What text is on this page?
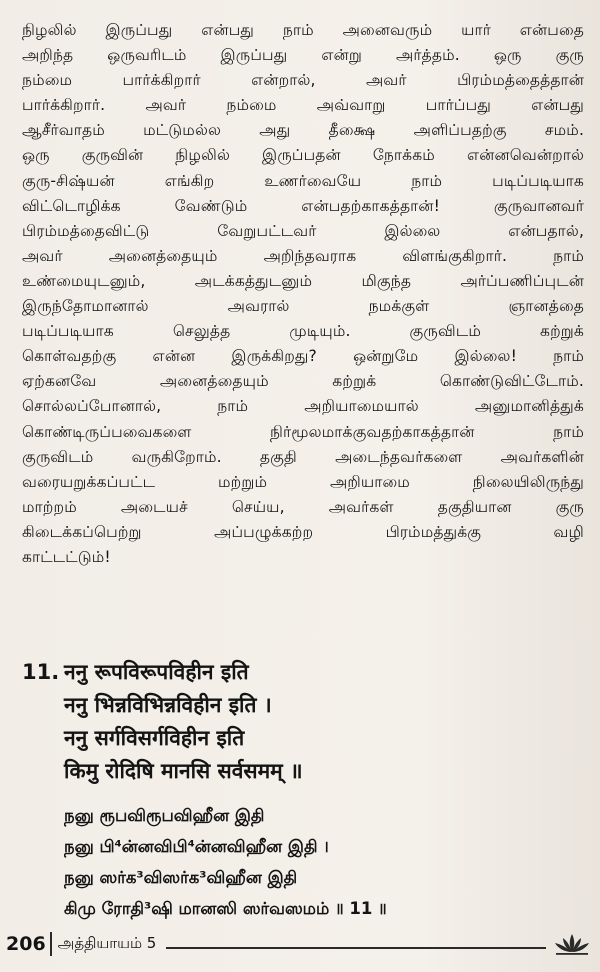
நிழலில் இருப்பது என்பது நாம் அனைவரும் யார் என்பதை
அறிந்த ஒருவரிடம் இருப்பது என்று அர்த்தம். ஒரு குரு
நம்மை பார்க்கிறார் என்றால், அவர் பிரம்மத்தைத்தான்
பார்க்கிறார். அவர் நம்மை அவ்வாறு பார்ப்பது என்பது
ஆசீர்வாதம் மட்டுமல்ல அது தீக்ஷை அளிப்பதற்கு சமம்.
ஒரு குருவின் நிழலில் இருப்பதன் நோக்கம் என்னவென்றால்
குரு-சிஷ்யன் எங்கிற உணர்வையே நாம் படிப்படியாக
விட்டொழிக்க வேண்டும் என்பதற்காகத்தான்! குருவானவர்
பிரம்மத்தைவிட்டு வேறுபட்டவர் இல்லை என்பதால்,
அவர் அனைத்தையும் அறிந்தவராக விளங்குகிறார். நாம்
உண்மையுடனும், அடக்கத்துடனும் மிகுந்த அர்ப்பணிப்புடன்
இருந்தோமானால் அவரால் நமக்குள் ஞானத்தை
படிப்படியாக செலுத்த முடியும். குருவிடம் கற்றுக்
கொள்வதற்கு என்ன இருக்கிறது? ஒன்றுமே இல்லை! நாம்
ஏற்கனவே அனைத்தையும் கற்றுக் கொண்டுவிட்டோம்.
சொல்லப்போனால், நாம் அறியாமையால் அனுமானித்துக்
கொண்டிருப்பவைகளை நிர்மூலமாக்குவதற்காகத்தான் நாம்
குருவிடம் வருகிறோம். தகுதி அடைந்தவர்களை அவர்களின்
வரையறுக்கப்பட்ட மற்றும் அறியாமை நிலையிலிருந்து
மாற்றம் அடையச் செய்ய, அவர்கள் தகுதியான குரு
கிடைக்கப்பெற்று அப்பழுக்கற்ற பிரம்மத்துக்கு வழி
காட்டட்டும்!
11. ननु रूपविरूपविहीन इति
ननु भिन्नविभिन्नविहीन इति ।
ननु सर्गविसर्गविहीन इति
किमु रोदिषि मानसि सर्वसमम् ॥
நனு ரூபவிரூபவிஹீன இதி
நனு பி⁴ன்னவிபி⁴ன்னவிஹீன இதி ।
நனு ஸர்க³விஸர்க³விஹீன இதி
கிமு ரோதி³ஷி மானஸி ஸர்வஸமம் ॥ 11 ॥
206 அத்தியாயம் 5
